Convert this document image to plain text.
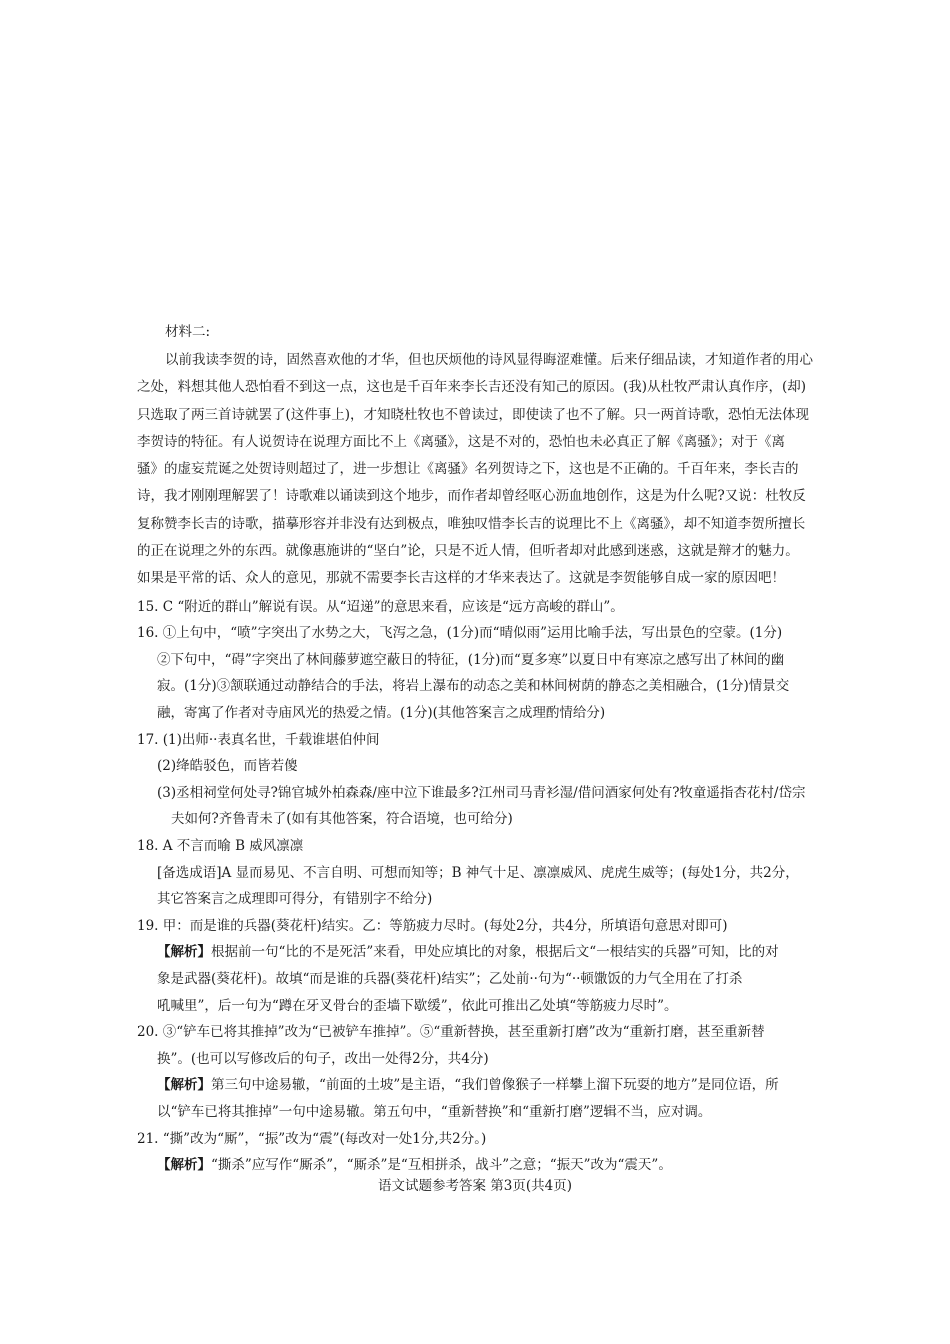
材料二:
以前我读李贺的诗，固然喜欢他的才华，但也厌烦他的诗风显得晦涩难懂。后来仔细品读，才知道作者的用心
之处，料想其他人恐怕看不到这一点，这也是千百年来李长吉还没有知己的原因。(我)从杜牧严肃认真作序，(却)
只选取了两三首诗就罢了(这件事上)，才知晓杜牧也不曾读过，即使读了也不了解。只一两首诗歌，恐怕无法体现
李贺诗的特征。有人说贺诗在说理方面比不上《离骚》，这是不对的，恐怕也未必真正了解《离骚》；对于《离
骚》的虚妄荒诞之处贺诗则超过了，进一步想让《离骚》名列贺诗之下，这也是不正确的。千百年来，李长吉的
诗，我才刚刚理解罢了！诗歌难以诵读到这个地步，而作者却曾经呕心沥血地创作，这是为什么呢?又说：杜牧反
复称赞李长吉的诗歌，描摹形容并非没有达到极点，唯独叹惜李长吉的说理比不上《离骚》，却不知道李贺所擅长
的正在说理之外的东西。就像惠施讲的“坚白”论，只是不近人情，但听者却对此感到迷惑，这就是辩才的魅力。
如果是平常的话、众人的意见，那就不需要李长吉这样的才华来表达了。这就是李贺能够自成一家的原因吧！
15. C “附近的群山”解说有误。从“迢递”的意思来看，应该是“远方高峻的群山”。
16. ①上句中，“喷”字突出了水势之大，飞泻之急，(1分)而“晴似雨”运用比喻手法，写出景色的空蒙。(1分)
②下句中，“碍”字突出了林间藤萝遮空蔽日的特征，(1分)而“夏多寒”以夏日中有寒凉之感写出了林间的幽
寂。(1分)③颔联通过动静结合的手法，将岩上瀑布的动态之美和林间树荫的静态之美相融合，(1分)情景交
融，寄寓了作者对寺庙风光的热爱之情。(1分)(其他答案言之成理酌情给分)
17. (1)出师··表真名世，千载谁堪伯仲间
(2)绛皓驳色，而皆若傻
(3)丞相祠堂何处寻?锦官城外柏森森/座中泣下谁最多?江州司马青衫湿/借问酒家何处有?牧童遥指杏花村/岱宗
夫如何?齐鲁青未了(如有其他答案，符合语境，也可给分)
18. A 不言而喻 B 威风凛凛
[备选成语]A 显而易见、不言自明、可想而知等；B 神气十足、凛凛威风、虎虎生威等；(每处1分，共2分，
其它答案言之成理即可得分，有错别字不给分)
19. 甲：而是谁的兵器(葵花杆)结实。乙：等筋疲力尽时。(每处2分，共4分，所填语句意思对即可)
【解析】根据前一句“比的不是死活”来看，甲处应填比的对象，根据后文“一根结实的兵器”可知，比的对
象是武器(葵花杆)。故填“而是谁的兵器(葵花杆)结实”；乙处前··句为“··顿馓饭的力气全用在了打杀
吼喊里”，后一句为“蹲在牙叉骨台的歪墙下歇缓”，依此可推出乙处填“等筋疲力尽时”。
20. ③“铲车已将其推掉”改为“已被铲车推掉”。⑤“重新替换，甚至重新打磨”改为“重新打磨，甚至重新替
换”。(也可以写修改后的句子，改出一处得2分，共4分)
【解析】第三句中途易辙，“前面的土坡”是主语，“我们曾像猴子一样攀上溜下玩耍的地方”是同位语，所
以“铲车已将其推掉”一句中途易辙。第五句中，“重新替换”和“重新打磨”逻辑不当，应对调。
21. “撕”改为“厮”，“振”改为“震”(每改对一处1分,共2分。)
【解析】“撕杀”应写作“厮杀”，“厮杀”是“互相拼杀，战斗”之意；“振天”改为“震天”。
语文试题参考答案 第3页(共4页)
